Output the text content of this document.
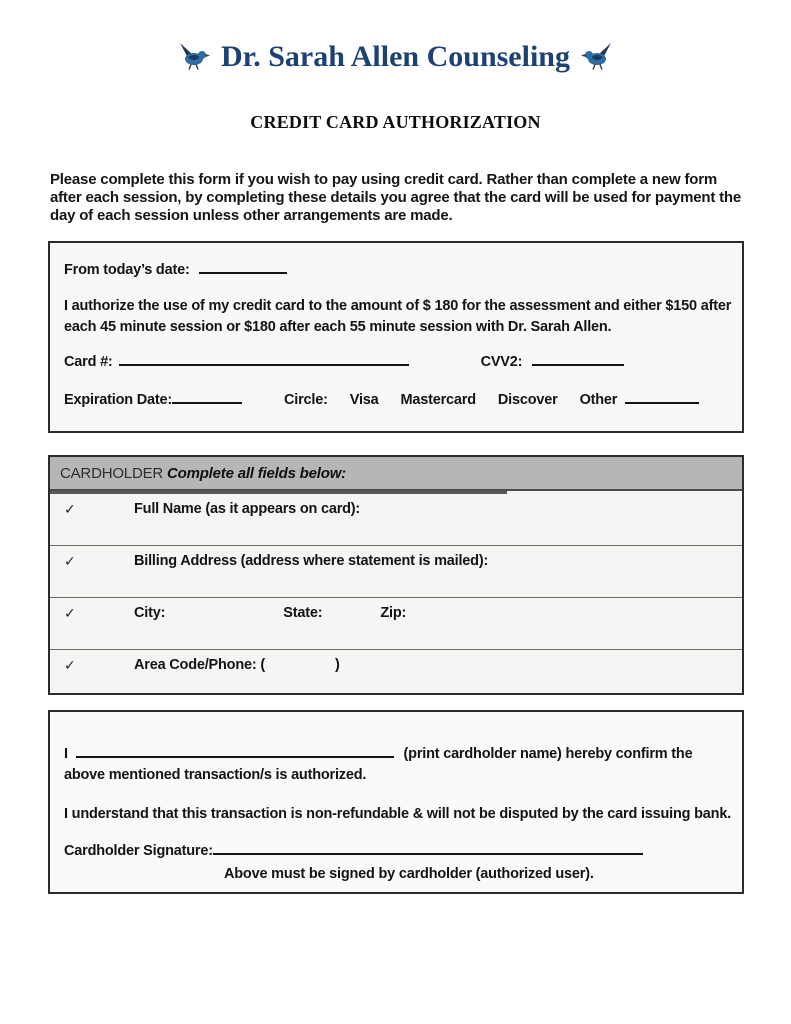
Dr. Sarah Allen Counseling
CREDIT CARD AUTHORIZATION

Please complete this form if you wish to pay using credit card. Rather than complete a new form after each session, by completing these details you agree that the card will be used for payment the day of each session unless other arrangements are made.

From today’s date:

I authorize the use of my credit card to the amount of $ 180 for the assessment and either $150 after each 45 minute session or $180 after each 55 minute session with Dr. Sarah Allen.

Card #:	CVV2:
Expiration Date:	Circle: Visa Mastercard Discover Other
CARDHOLDER Complete all fields below:
✓	Full Name (as it appears on card):
✓	Billing Address (address where statement is mailed):
✓	City:	State:	Zip:
✓	Area Code/Phone: (	)

I	(print cardholder name) hereby confirm the above mentioned transaction/s is authorized.

I understand that this transaction is non-refundable & will not be disputed by the card issuing bank.

Cardholder Signature:
Above must be signed by cardholder (authorized user).
